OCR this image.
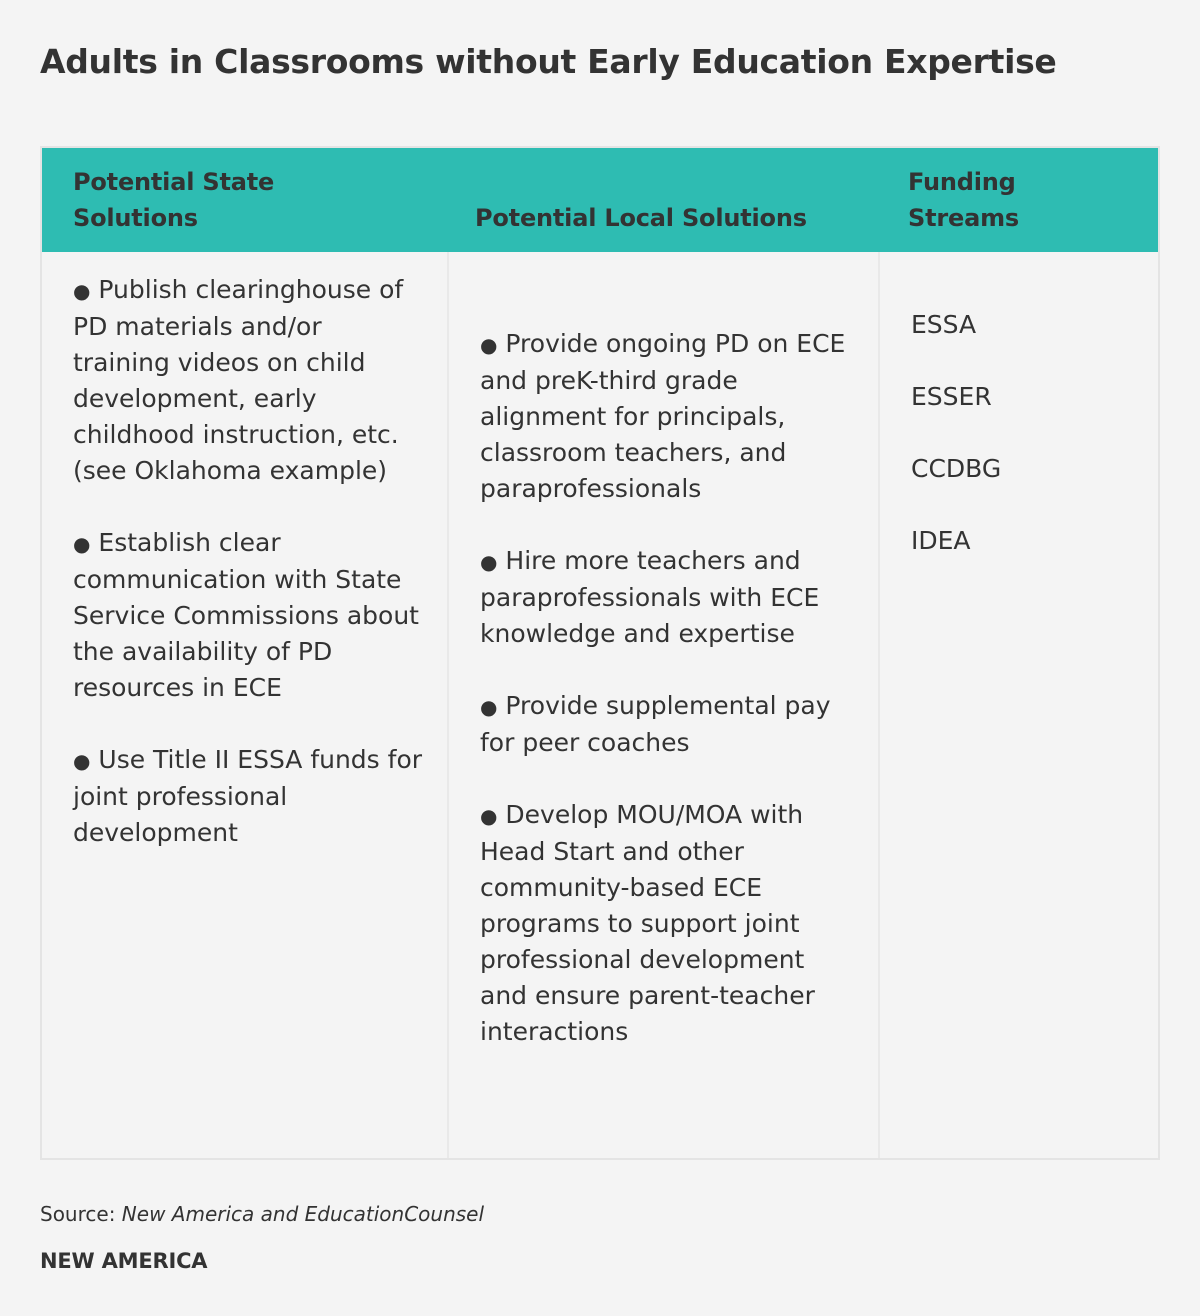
Adults in Classrooms without Early Education Expertise
Potential State
Solutions	Potential Local Solutions
Funding
Streams
● Publish clearinghouse of PD materials and/or training videos on child development, early childhood instruction, etc. (see Oklahoma example)
● Establish clear communication with State Service Commissions about the availability of PD resources in ECE
● Use Title II ESSA funds for joint professional development
● Provide ongoing PD on ECE and preK-third grade alignment for principals, classroom teachers, and paraprofessionals
● Hire more teachers and paraprofessionals with ECE knowledge and expertise
● Provide supplemental pay for peer coaches
● Develop MOU/MOA with Head Start and other community-based ECE programs to support joint professional development and ensure parent-teacher interactions
ESSA
ESSER
CCDBG
IDEA
Source: New America and EducationCounsel
NEW AMERICA
